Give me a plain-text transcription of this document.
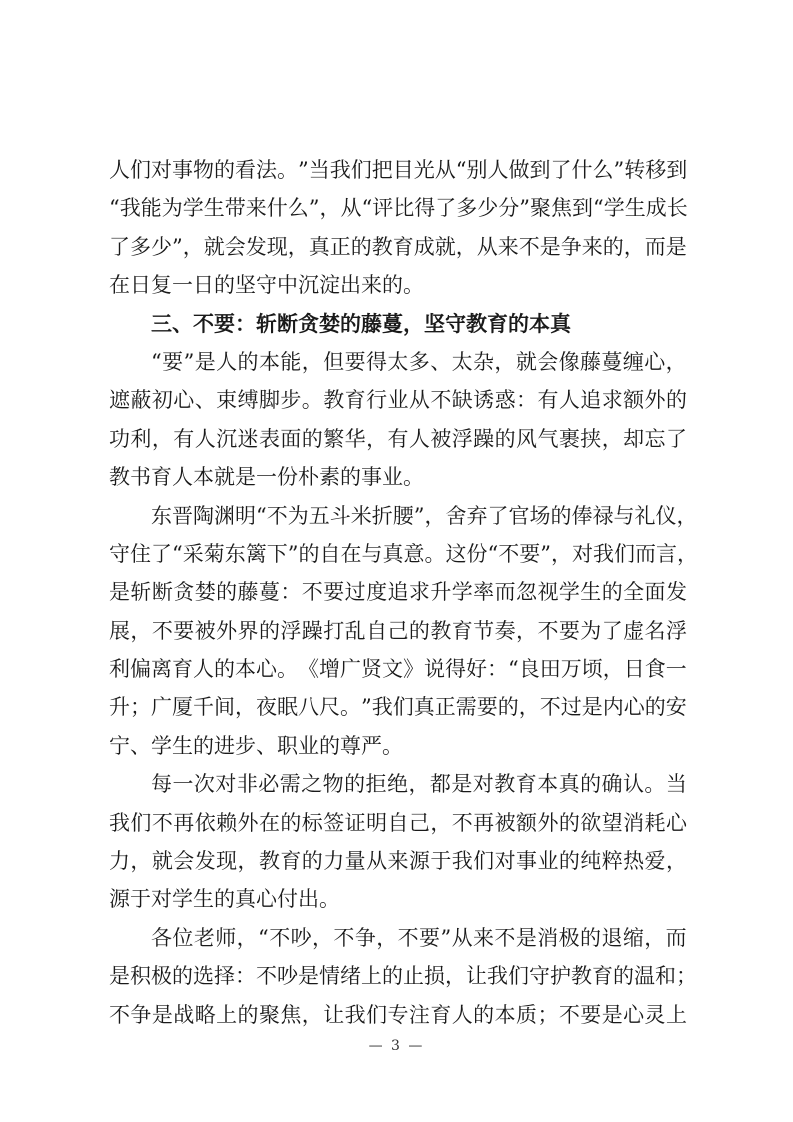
人 们 对 事 物 的 看 法 。 ” 当 我 们 把 目 光 从 “ 别 人 做 到 了 什 么 ” 转 移 到
“ 我 能 为 学 生 带 来 什 么 ” ， 从 “ 评 比 得 了 多 少 分 ” 聚 焦 到 “ 学 生 成 长
了 多 少 ” ， 就 会 发 现 ， 真 正 的 教 育 成 就 ， 从 来 不 是 争 来 的 ， 而 是
在日复一日的坚守中沉淀出来的。
三、不要：斩断贪婪的藤蔓，坚守教育的本真
“ 要 ” 是 人 的 本 能 ， 但 要 得 太 多 、 太 杂 ， 就 会 像 藤 蔓 缠 心 ，
遮 蔽 初 心 、 束 缚 脚 步 。 教 育 行 业 从 不 缺 诱 惑 ： 有 人 追 求 额 外 的
功 利 ， 有 人 沉 迷 表 面 的 繁 华 ， 有 人 被 浮 躁 的 风 气 裹 挟 ， 却 忘 了
教书育人本就是一份朴素的事业。
东 晋 陶 渊 明 “ 不 为 五 斗 米 折 腰 ” ， 舍 弃 了 官 场 的 俸 禄 与 礼 仪 ，
守 住 了 “ 采 菊 东 篱 下 ” 的 自 在 与 真 意 。 这 份 “ 不 要 ” ， 对 我 们 而 言 ，
是 斩 断 贪 婪 的 藤 蔓 ： 不 要 过 度 追 求 升 学 率 而 忽 视 学 生 的 全 面 发
展 ， 不 要 被 外 界 的 浮 躁 打 乱 自 己 的 教 育 节 奏 ， 不 要 为 了 虚 名 浮
利 偏 离 育 人 的 本 心 。 《 增 广 贤 文 》 说 得 好 ： “ 良 田 万 顷 ， 日 食 一
升 ； 广 厦 千 间 ， 夜 眠 八 尺 。 ” 我 们 真 正 需 要 的 ， 不 过 是 内 心 的 安
宁、学生的进步、职业的尊严。
每 一 次 对 非 必 需 之 物 的 拒 绝 ， 都 是 对 教 育 本 真 的 确 认 。 当
我 们 不 再 依 赖 外 在 的 标 签 证 明 自 己 ， 不 再 被 额 外 的 欲 望 消 耗 心
力 ， 就 会 发 现 ， 教 育 的 力 量 从 来 源 于 我 们 对 事 业 的 纯 粹 热 爱 ，
源于对学生的真心付出。
各 位 老 师 ， “ 不 吵 ， 不 争 ， 不 要 ” 从 来 不 是 消 极 的 退 缩 ， 而
是 积 极 的 选 择 ： 不 吵 是 情 绪 上 的 止 损 ， 让 我 们 守 护 教 育 的 温 和 ；
不 争 是 战 略 上 的 聚 焦 ， 让 我 们 专 注 育 人 的 本 质 ； 不 要 是 心 灵 上
— 3 —
